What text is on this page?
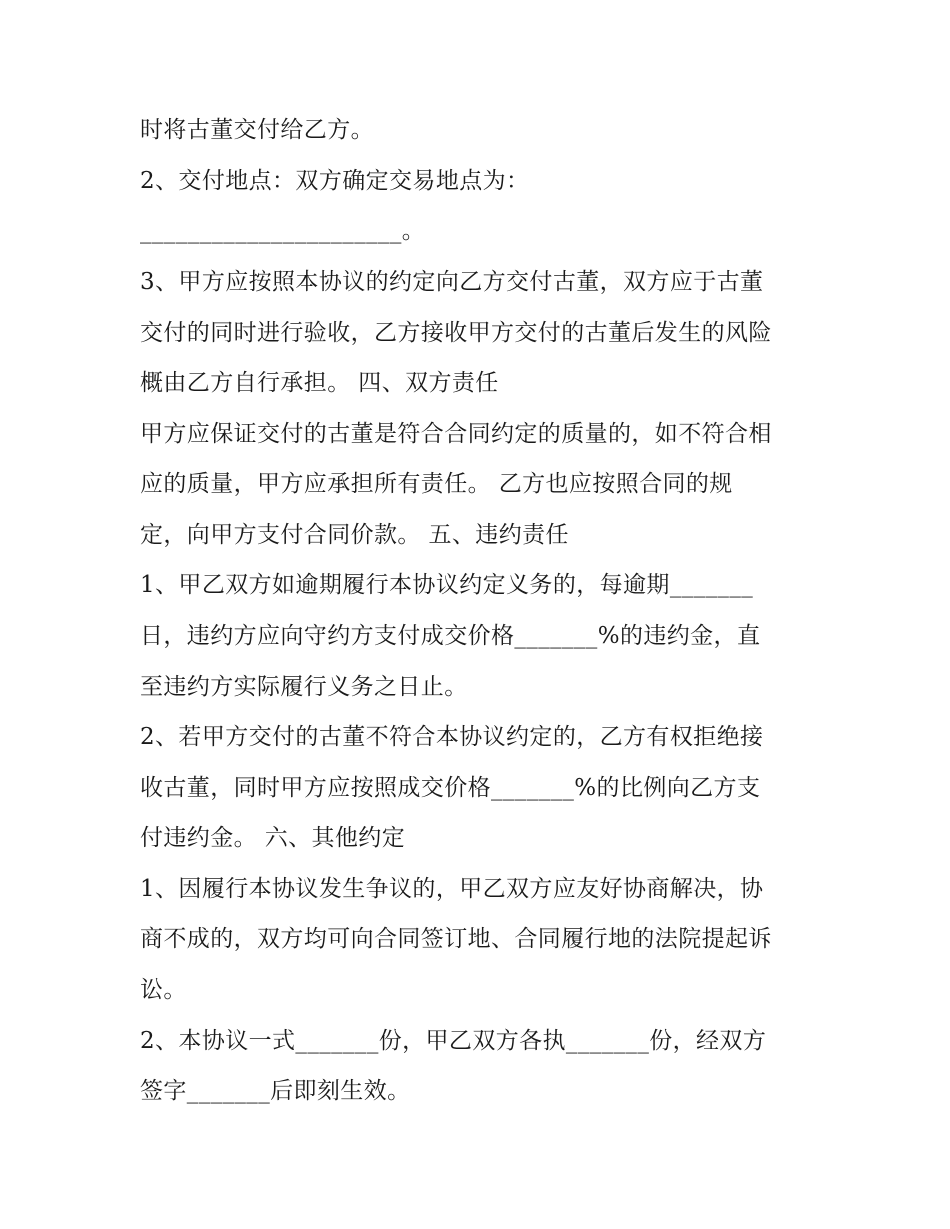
时将古董交付给乙方。
2、交付地点：双方确定交易地点为：
______________________。
3、甲方应按照本协议的约定向乙方交付古董，双方应于古董
交付的同时进行验收，乙方接收甲方交付的古董后发生的风险
概由乙方自行承担。 四、双方责任
甲方应保证交付的古董是符合合同约定的质量的，如不符合相
应的质量，甲方应承担所有责任。 乙方也应按照合同的规
定，向甲方支付合同价款。 五、违约责任
1、甲乙双方如逾期履行本协议约定义务的，每逾期_______
日，违约方应向守约方支付成交价格_______%的违约金，直
至违约方实际履行义务之日止。
2、若甲方交付的古董不符合本协议约定的，乙方有权拒绝接
收古董，同时甲方应按照成交价格_______%的比例向乙方支
付违约金。 六、其他约定
1、因履行本协议发生争议的，甲乙双方应友好协商解决，协
商不成的，双方均可向合同签订地、合同履行地的法院提起诉
讼。
2、本协议一式_______份，甲乙双方各执_______份，经双方
签字_______后即刻生效。
